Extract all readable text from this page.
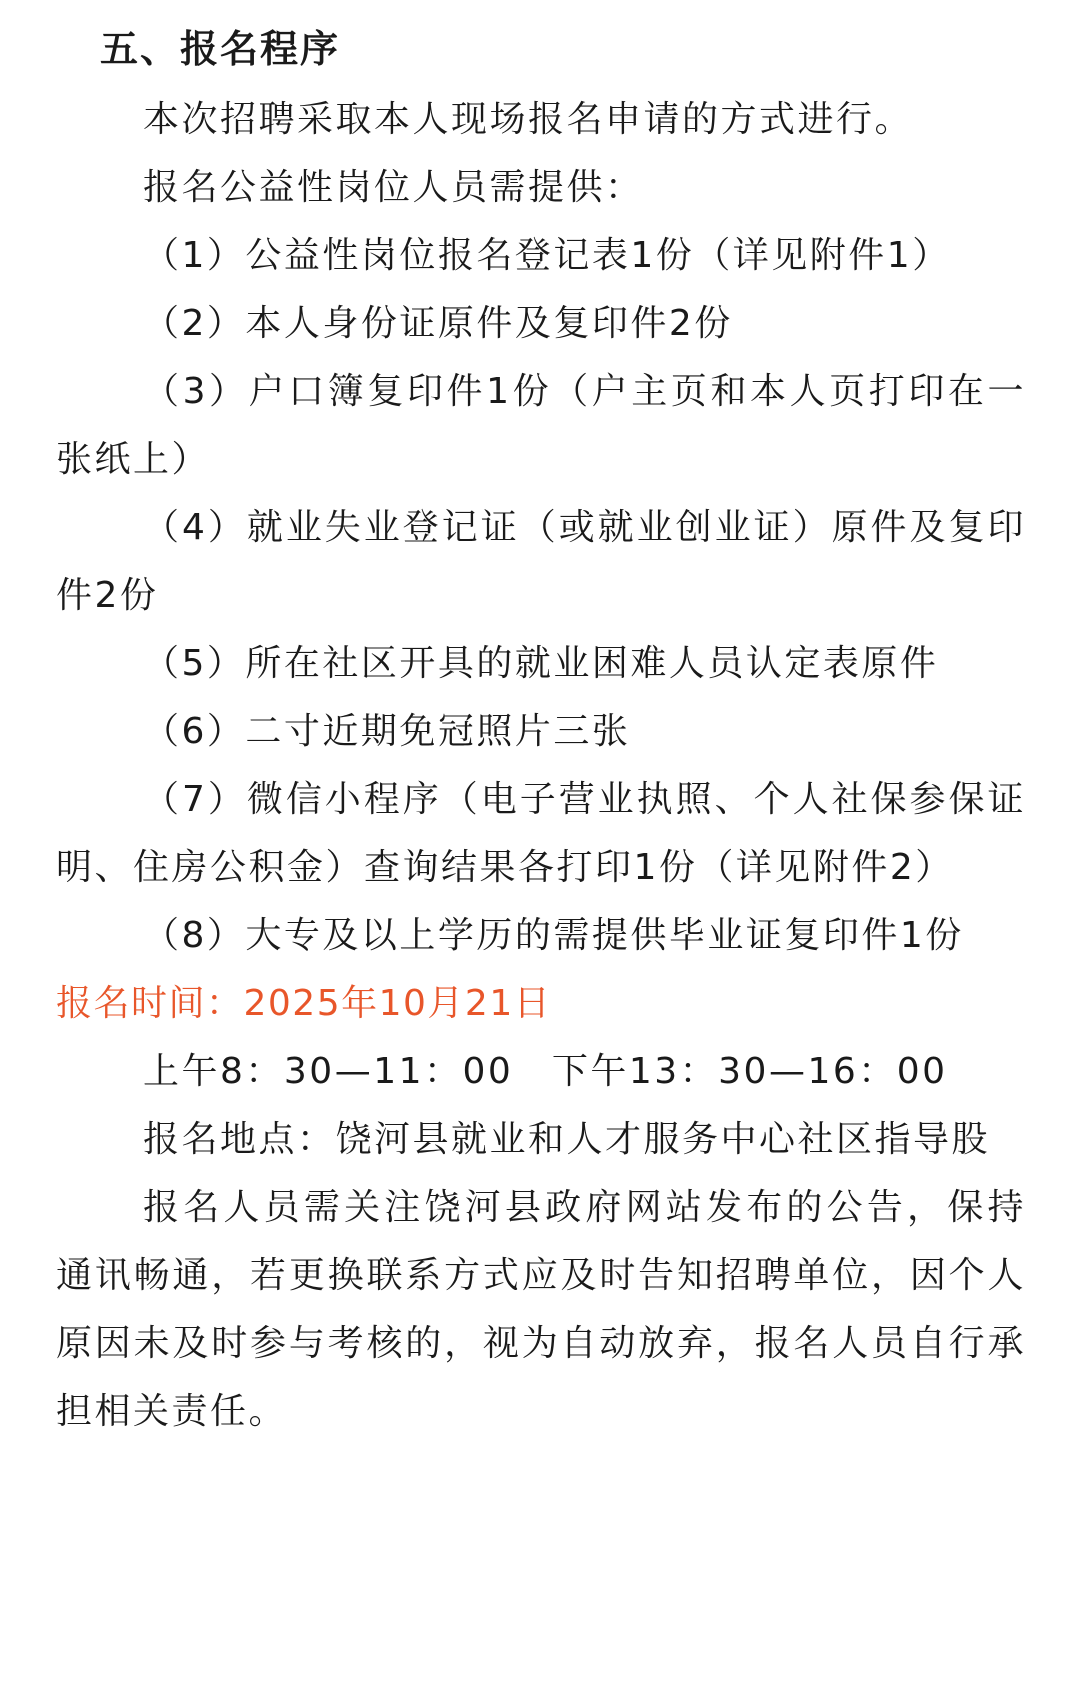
五、报名程序

本次招聘采取本人现场报名申请的方式进行。

报名公益性岗位人员需提供：

（1）公益性岗位报名登记表1份（详见附件1）

（2）本人身份证原件及复印件2份

（3）户口簿复印件1份（户主页和本人页打印在一张纸上）

（4）就业失业登记证（或就业创业证）原件及复印件2份

（5）所在社区开具的就业困难人员认定表原件

（6）二寸近期免冠照片三张

（7）微信小程序（电子营业执照、个人社保参保证明、住房公积金）查询结果各打印1份（详见附件2）

（8）大专及以上学历的需提供毕业证复印件1份

报名时间：2025年10月21日

上午8：30—11：00　下午13：30—16：00

报名地点：饶河县就业和人才服务中心社区指导股

报名人员需关注饶河县政府网站发布的公告，保持通讯畅通，若更换联系方式应及时告知招聘单位，因个人原因未及时参与考核的，视为自动放弃，报名人员自行承担相关责任。
